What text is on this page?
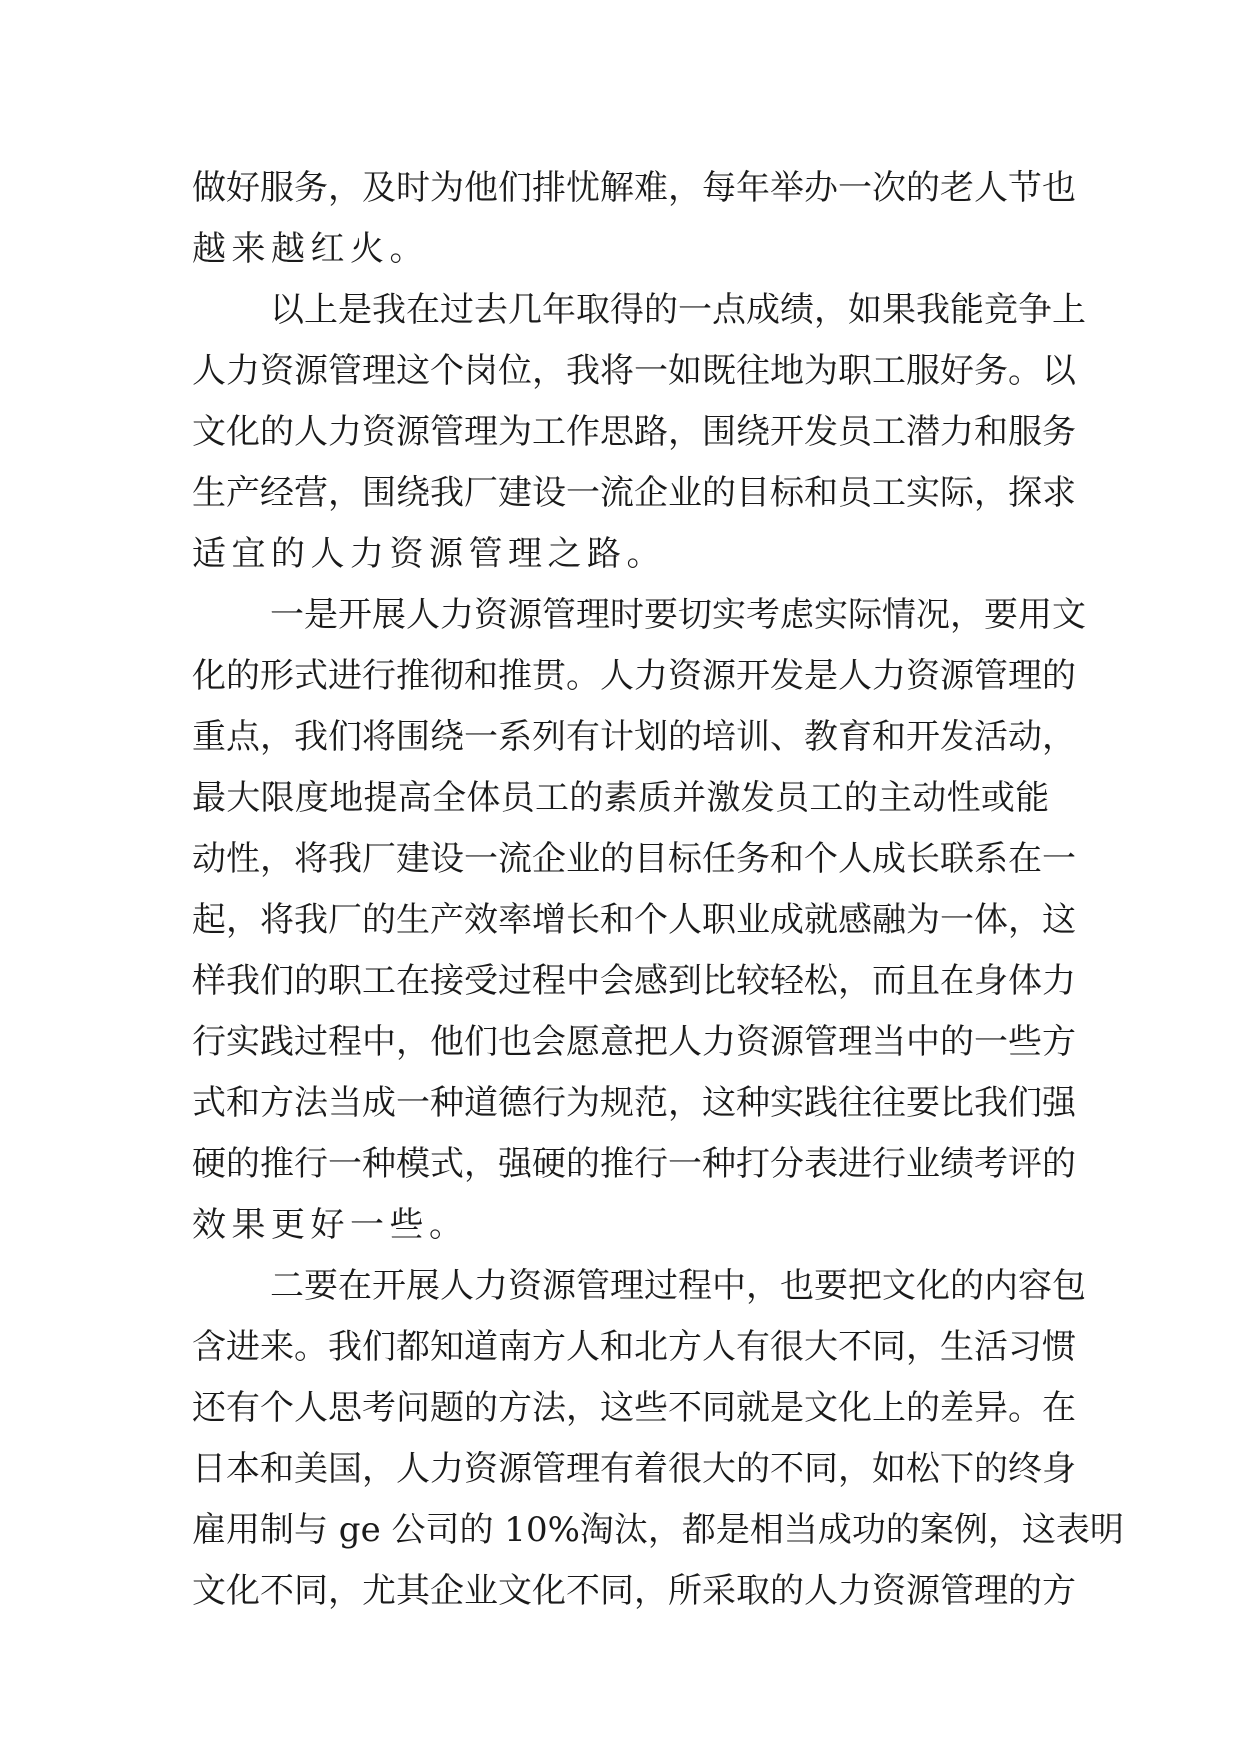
做好服务，及时为他们排忧解难，每年举办一次的老人节也
越来越红火。
以上是我在过去几年取得的一点成绩，如果我能竞争上
人力资源管理这个岗位，我将一如既往地为职工服好务。以
文化的人力资源管理为工作思路，围绕开发员工潜力和服务
生产经营，围绕我厂建设一流企业的目标和员工实际，探求
适宜的人力资源管理之路。
一是开展人力资源管理时要切实考虑实际情况，要用文
化的形式进行推彻和推贯。人力资源开发是人力资源管理的
重点，我们将围绕一系列有计划的培训、教育和开发活动，
最大限度地提高全体员工的素质并激发员工的主动性或能
动性，将我厂建设一流企业的目标任务和个人成长联系在一
起，将我厂的生产效率增长和个人职业成就感融为一体，这
样我们的职工在接受过程中会感到比较轻松，而且在身体力
行实践过程中，他们也会愿意把人力资源管理当中的一些方
式和方法当成一种道德行为规范，这种实践往往要比我们强
硬的推行一种模式，强硬的推行一种打分表进行业绩考评的
效果更好一些。
二要在开展人力资源管理过程中，也要把文化的内容包
含进来。我们都知道南方人和北方人有很大不同，生活习惯
还有个人思考问题的方法，这些不同就是文化上的差异。在
日本和美国，人力资源管理有着很大的不同，如松下的终身
雇用制与 ge 公司的 10%淘汰，都是相当成功的案例，这表明
文化不同，尤其企业文化不同，所采取的人力资源管理的方
